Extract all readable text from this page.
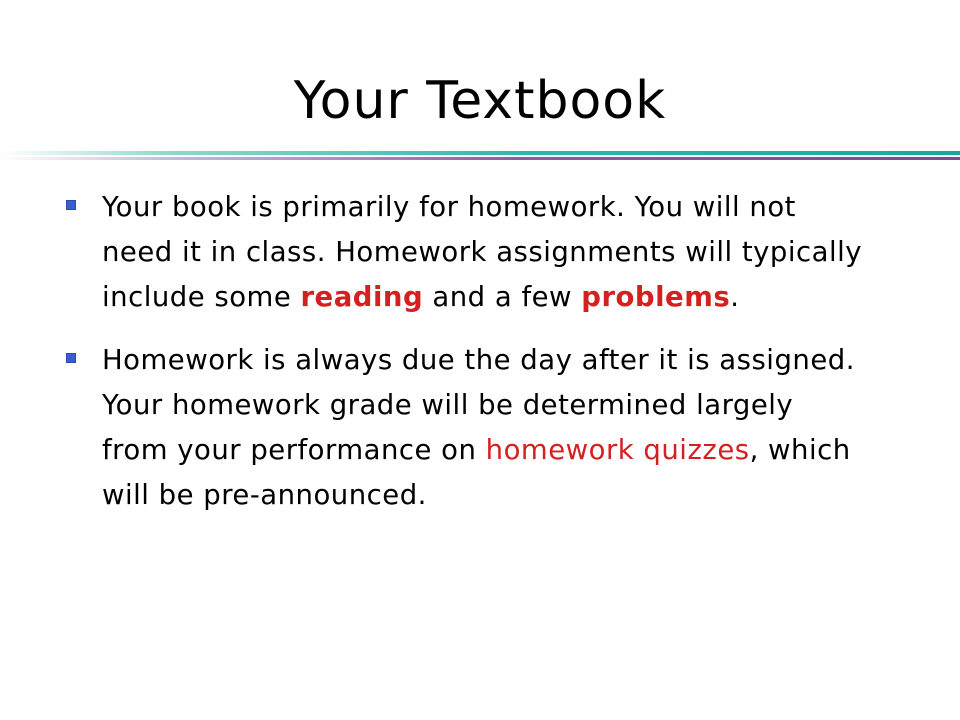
Your Textbook
Your book is primarily for homework. You will not need it in class. Homework assignments will typically include some reading and a few problems.
Homework is always due the day after it is assigned. Your homework grade will be determined largely from your performance on homework quizzes, which will be pre-announced.
